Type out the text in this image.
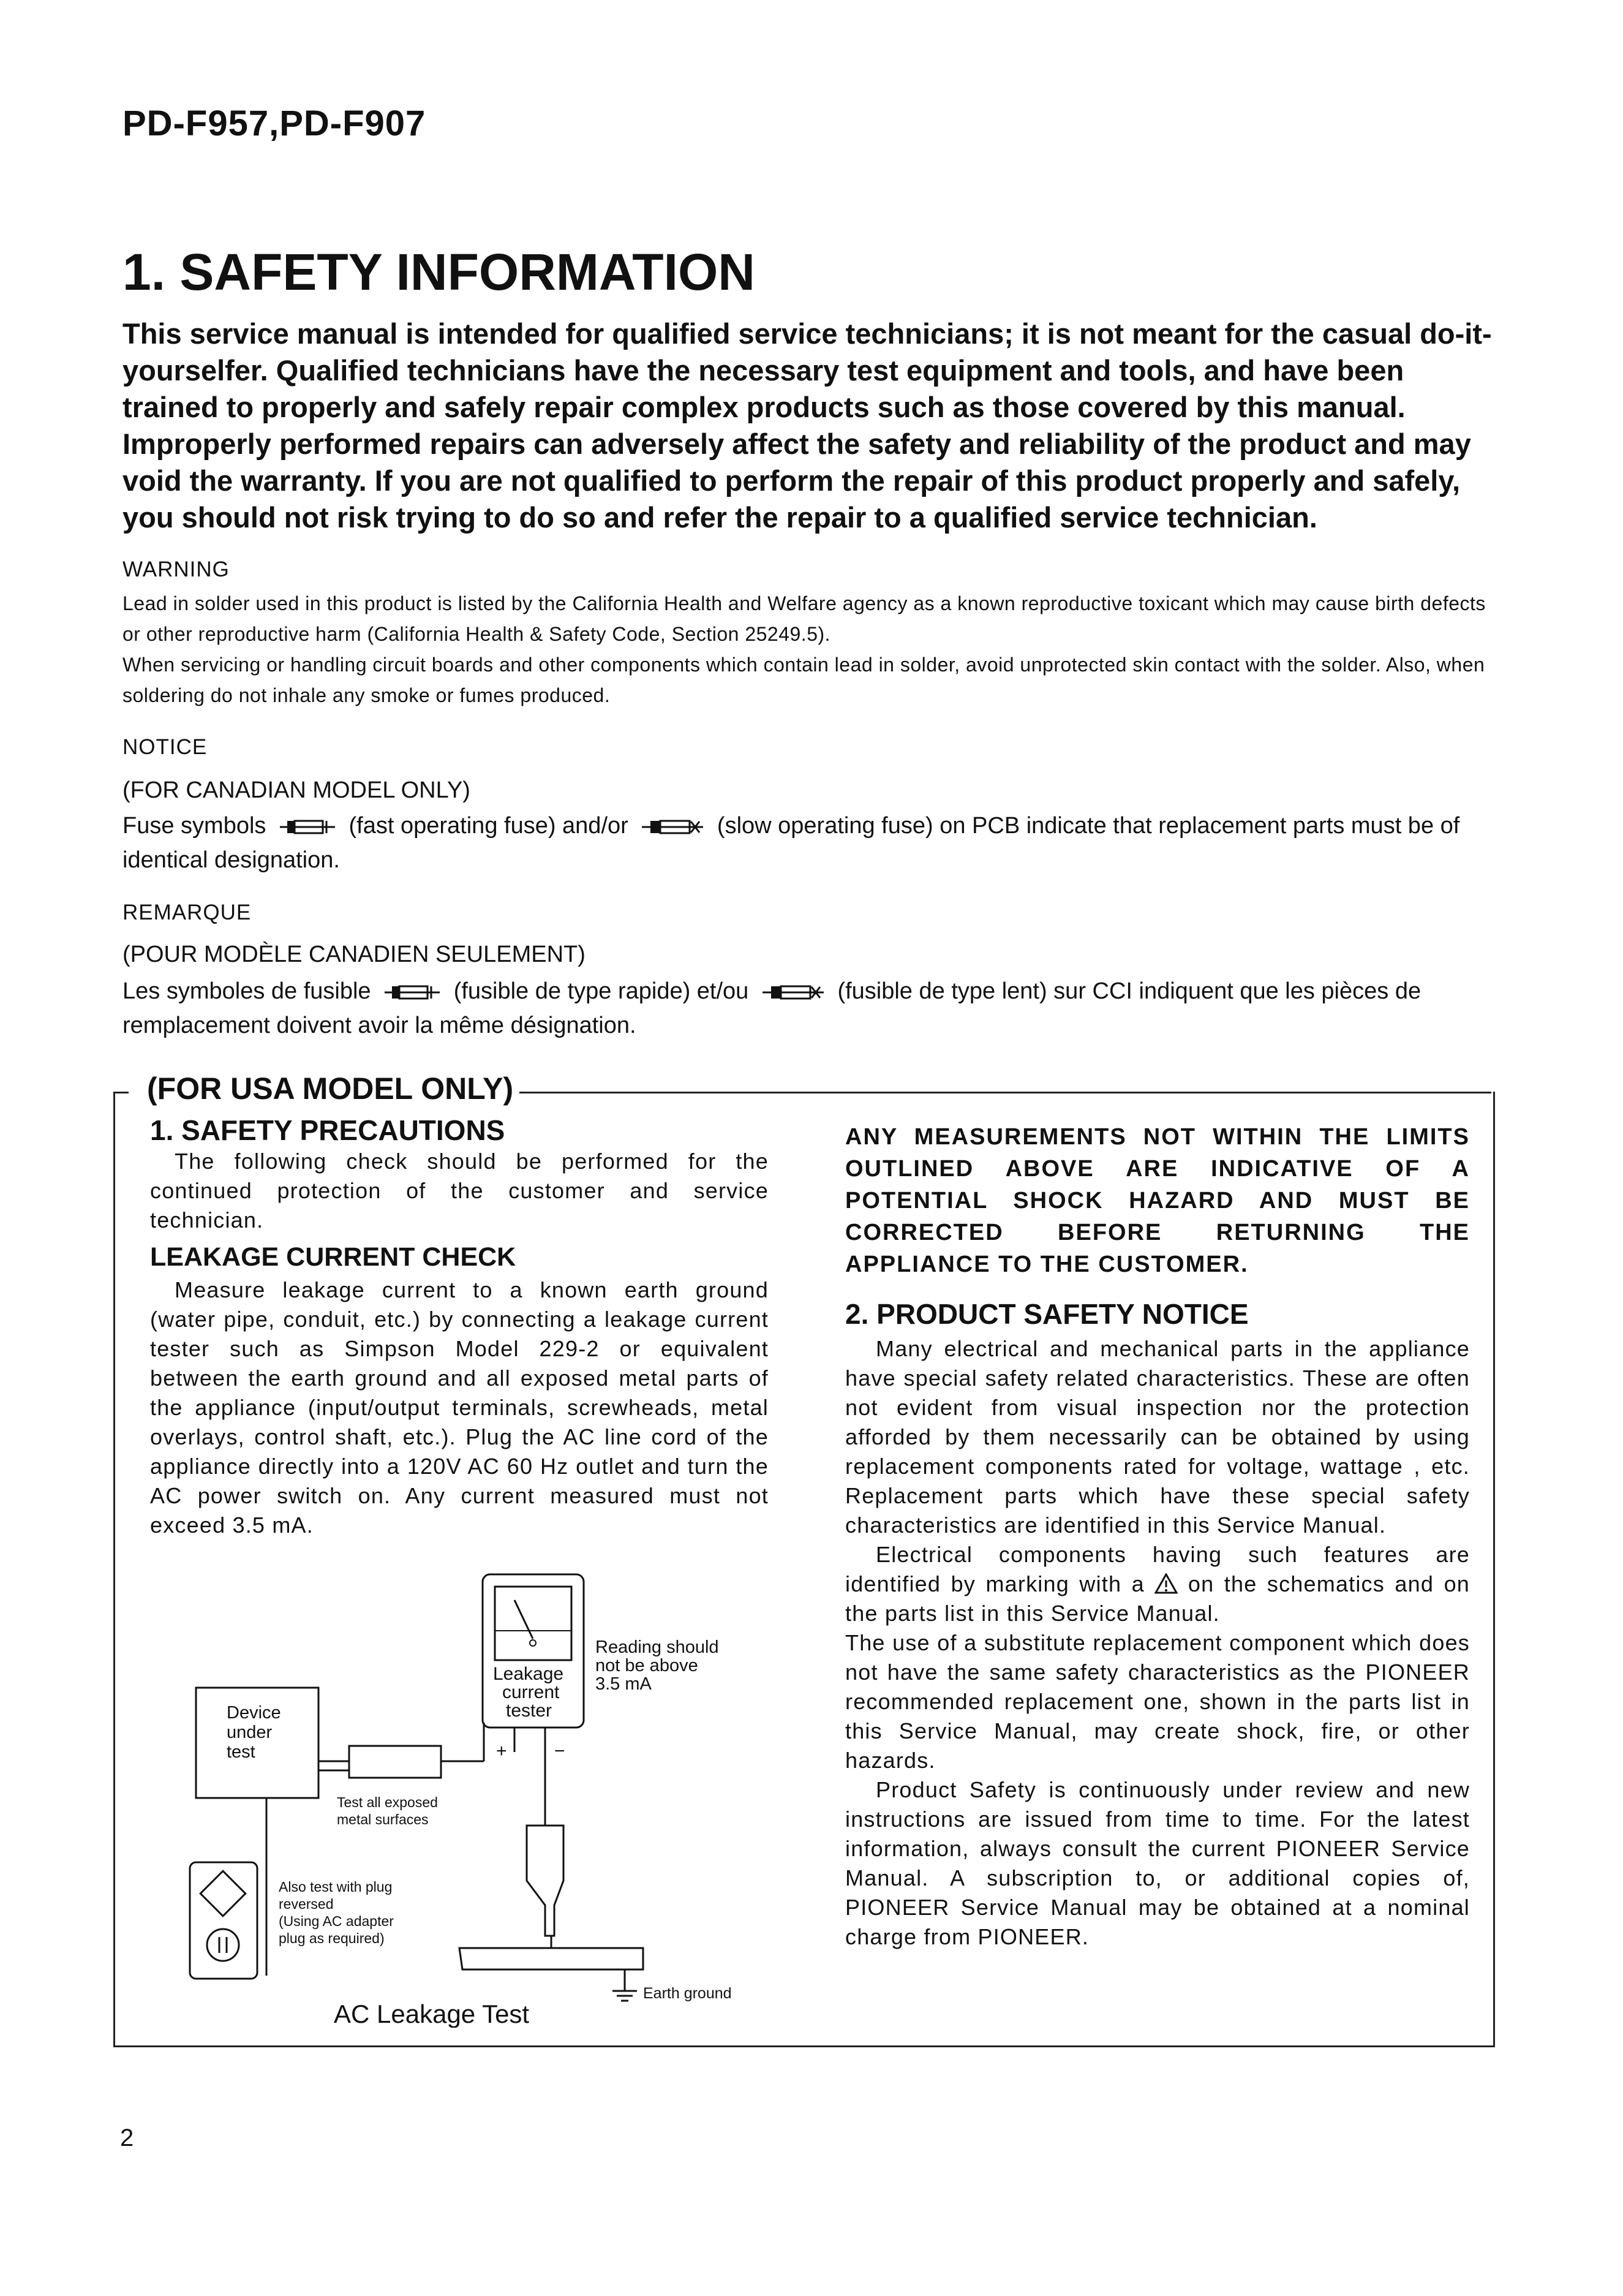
PD-F957,PD-F907
1. SAFETY INFORMATION
This service manual is intended for qualified service technicians; it is not meant for the casual do-it-yourselfer. Qualified technicians have the necessary test equipment and tools, and have been trained to properly and safely repair complex products such as those covered by this manual. Improperly performed repairs can adversely affect the safety and reliability of the product and may void the warranty. If you are not qualified to perform the repair of this product properly and safely, you should not risk trying to do so and refer the repair to a qualified service technician.
WARNING
Lead in solder used in this product is listed by the California Health and Welfare agency as a known reproductive toxicant which may cause birth defects or other reproductive harm (California Health & Safety Code, Section 25249.5).
When servicing or handling circuit boards and other components which contain lead in solder, avoid unprotected skin contact with the solder. Also, when soldering do not inhale any smoke or fumes produced.
NOTICE
(FOR CANADIAN MODEL ONLY)
Fuse symbols	(fast operating fuse) and/or	(slow operating fuse) on PCB indicate that replacement parts must be of identical designation.
REMARQUE
(POUR MODÈLE CANADIEN SEULEMENT)
Les symboles de fusible	(fusible de type rapide) et/ou	(fusible de type lent) sur CCI indiquent que les pièces de remplacement doivent avoir la même désignation.
(FOR USA MODEL ONLY)
1. SAFETY PRECAUTIONS
The following check should be performed for the continued protection of the customer and service technician.
LEAKAGE CURRENT CHECK
Measure leakage current to a known earth ground (water pipe, conduit, etc.) by connecting a leakage current tester such as Simpson Model 229-2 or equivalent between the earth ground and all exposed metal parts of the appliance (input/output terminals, screwheads, metal overlays, control shaft, etc.). Plug the AC line cord of the appliance directly into a 120V AC 60 Hz outlet and turn the AC power switch on. Any current measured must not exceed 3.5 mA.
Device
under
test
Test all exposed
metal surfaces
Also test with plug
reversed
(Using AC adapter
plug as required)
Leakage
current
tester
+	−
Earth ground
Reading should
not be above
3.5 mA
AC Leakage Test
ANY MEASUREMENTS NOT WITHIN THE LIMITS OUTLINED ABOVE ARE INDICATIVE OF A POTENTIAL SHOCK HAZARD AND MUST BE CORRECTED BEFORE RETURNING THE APPLIANCE TO THE CUSTOMER.
2. PRODUCT SAFETY NOTICE

Many electrical and mechanical parts in the appliance have special safety related characteristics. These are often not evident from visual inspection nor the protection afforded by them necessarily can be obtained by using replacement components rated for voltage, wattage , etc. Replacement parts which have these special safety characteristics are identified in this Service Manual.

Electrical components having such features are identified by marking with a on the schematics and on the parts list in this Service Manual.

The use of a substitute replacement component which does not have the same safety characteristics as the PIONEER recommended replacement one, shown in the parts list in this Service Manual, may create shock, fire, or other hazards.

Product Safety is continuously under review and new instructions are issued from time to time. For the latest information, always consult the current PIONEER Service Manual. A subscription to, or additional copies of, PIONEER Service Manual may be obtained at a nominal charge from PIONEER.

2
